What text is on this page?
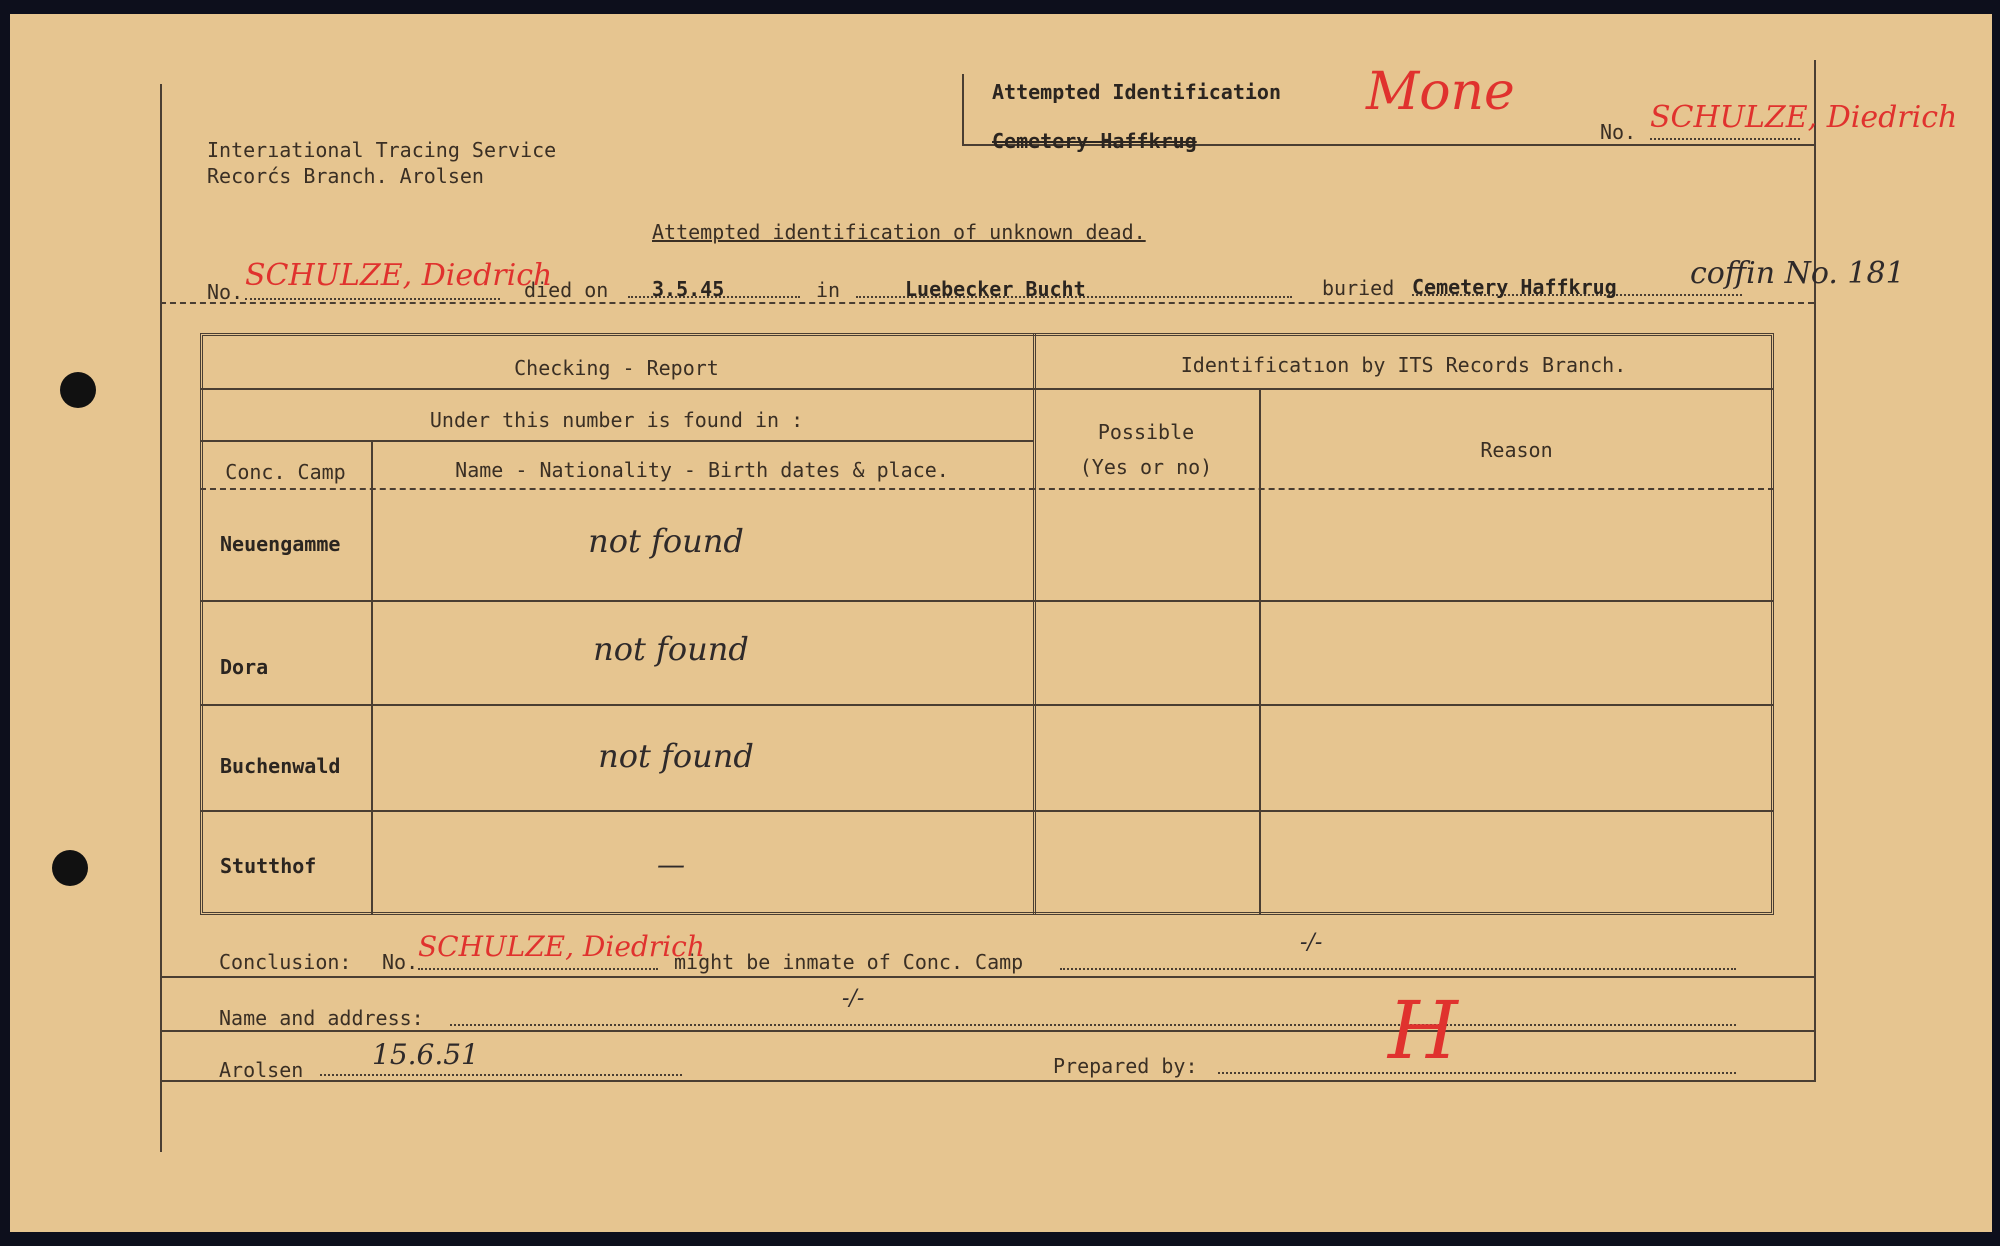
Interıational Tracing Service
Recorćs Branch. Arolsen
Attempted Identification
Cemetery Haffkrug
Mone
No. SCHULZE, Diedrich
Attempted identification of unknown dead.
No. SCHULZE, Diedrich
died on 3.5.45	in	Luebecker Bucht	buried Cemetery Haffkrug coffin No. 181
Checking - Report	Identificatıon by ITS Records Branch.
Under this number is found in :
Conc. Camp	Name - Nationality - Birth dates & place.
Possible
(Yes or no)
Reason
Neuengamme	not found
Dora	not found
Buchenwald	not found
Stutthof	—
Conclusion: No. SCHULZE, Diedrich
might be inmate of Conc. Camp
-/-
Name and address:
-/-
Arolsen 15.6.51	Prepared by: H
